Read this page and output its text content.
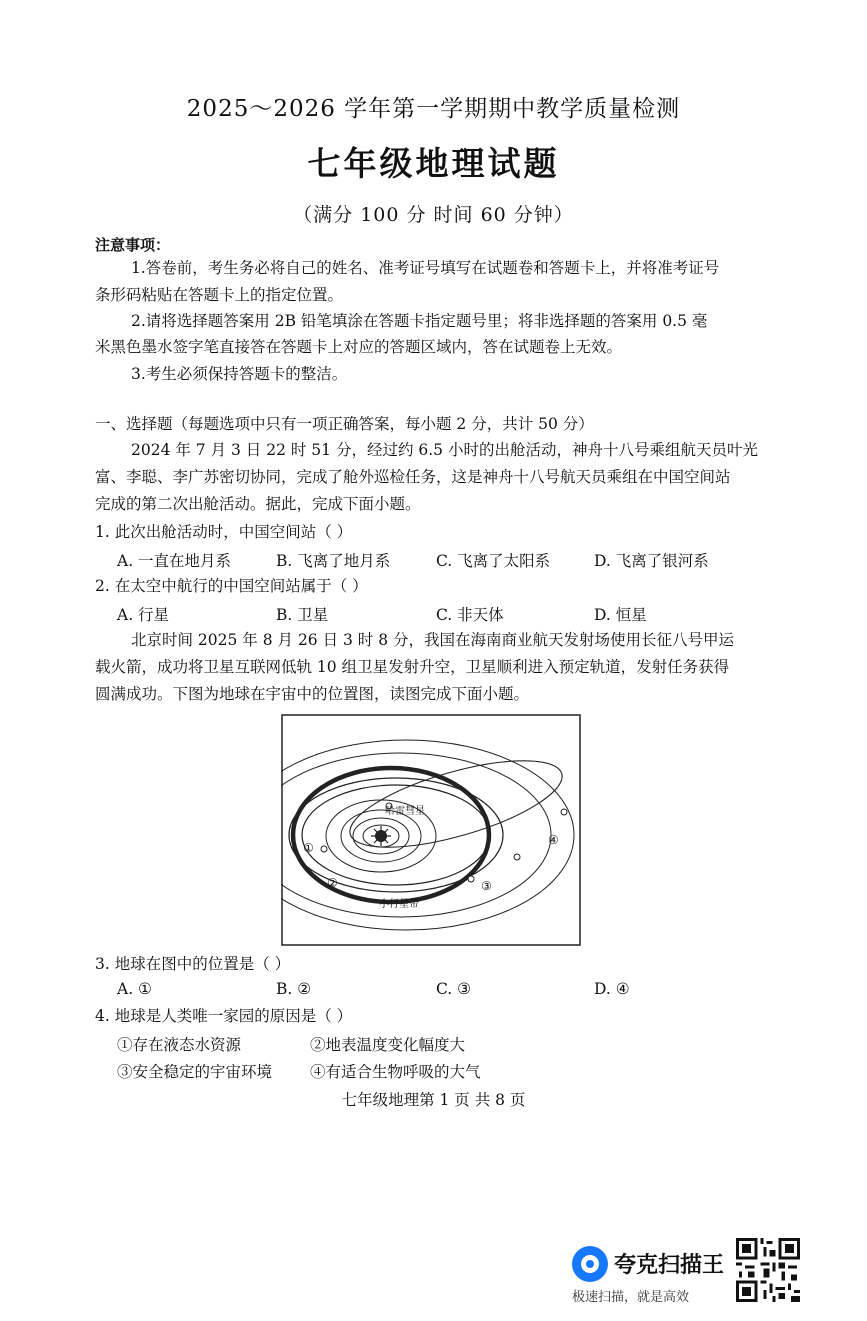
2025～2026 学年第一学期期中教学质量检测
七年级地理试题
（满分 100 分 时间 60 分钟）
注意事项：
1.答卷前，考生务必将自己的姓名、准考证号填写在试题卷和答题卡上，并将准考证号
条形码粘贴在答题卡上的指定位置。
2.请将选择题答案用 2B 铅笔填涂在答题卡指定题号里；将非选择题的答案用 0.5 毫
米黑色墨水签字笔直接答在答题卡上对应的答题区域内，答在试题卷上无效。
3.考生必须保持答题卡的整洁。
一、选择题（每题选项中只有一项正确答案，每小题 2 分，共计 50 分）
2024 年 7 月 3 日 22 时 51 分，经过约 6.5 小时的出舱活动，神舟十八号乘组航天员叶光
富、李聪、李广苏密切协同，完成了舱外巡检任务，这是神舟十八号航天员乘组在中国空间站
完成的第二次出舱活动。据此，完成下面小题。
1. 此次出舱活动时，中国空间站（ ）
A. 一直在地月系	B. 飞离了地月系	C. 飞离了太阳系	D. 飞离了银河系
2. 在太空中航行的中国空间站属于（ ）
A. 行星	B. 卫星	C. 非天体	D. 恒星
北京时间 2025 年 8 月 26 日 3 时 8 分，我国在海南商业航天发射场使用长征八号甲运
载火箭，成功将卫星互联网低轨 10 组卫星发射升空，卫星顺利进入预定轨道，发射任务获得
圆满成功。下图为地球在宇宙中的位置图，读图完成下面小题。
哈雷彗星
①
②	③
④
小行星带
3. 地球在图中的位置是（ ）
A. ①	B. ②	C. ③	D. ④
4. 地球是人类唯一家园的原因是（ ）
①存在液态水资源	②地表温度变化幅度大
③安全稳定的宇宙环境 ④有适合生物呼吸的大气
七年级地理第 1 页 共 8 页
夸克扫描王
极速扫描，就是高效
